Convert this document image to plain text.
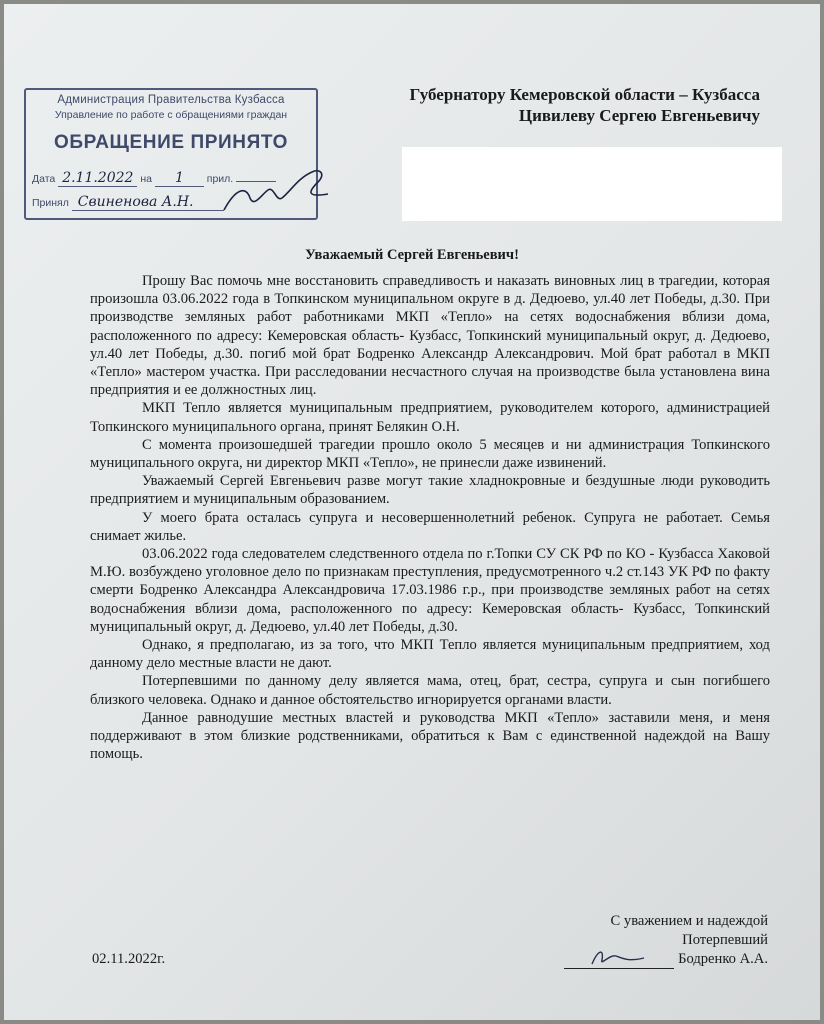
Администрация Правительства Кузбасса
Управление по работе с обращениями граждан
ОБРАЩЕНИЕ ПРИНЯТО
Дата 2.11.2022 на 1 прил.
Принял Свиненова А.Н.
Губернатору Кемеровской области – Кузбасса
Цивилеву Сергею Евгеньевичу
Уважаемый Сергей Евгеньевич!

Прошу Вас помочь мне восстановить справедливость и наказать виновных лиц в трагедии, которая произошла 03.06.2022 года в Топкинском муниципальном округе в д. Дедюево, ул.40 лет Победы, д.30. При производстве земляных работ работниками МКП «Тепло» на сетях водоснабжения вблизи дома, расположенного по адресу: Кемеровская область- Кузбасс, Топкинский муниципальный округ, д. Дедюево, ул.40 лет Победы, д.30. погиб мой брат Бодренко Александр Александрович. Мой брат работал в МКП «Тепло» мастером участка. При расследовании несчастного случая на производстве была установлена вина предприятия и ее должностных лиц.

МКП Тепло является муниципальным предприятием, руководителем которого, администрацией Топкинского муниципального органа, принят Белякин О.Н.

С момента произошедшей трагедии прошло около 5 месяцев и ни администрация Топкинского муниципального округа, ни директор МКП «Тепло», не принесли даже извинений.

Уважаемый Сергей Евгеньевич разве могут такие хладнокровные и бездушные люди руководить предприятием и муниципальным образованием.

У моего брата осталась супруга и несовершеннолетний ребенок. Супруга не работает. Семья снимает жилье.

03.06.2022 года следователем следственного отдела по г.Топки СУ СК РФ по КО - Кузбасса Хаковой М.Ю. возбуждено уголовное дело по признакам преступления, предусмотренного ч.2 ст.143 УК РФ по факту смерти Бодренко Александра Александровича 17.03.1986 г.р., при производстве земляных работ на сетях водоснабжения вблизи дома, расположенного по адресу: Кемеровская область- Кузбасс, Топкинский муниципальный округ, д. Дедюево, ул.40 лет Победы, д.30.

Однако, я предполагаю, из за того, что МКП Тепло является муниципальным предприятием, ход данному дело местные власти не дают.

Потерпевшими по данному делу является мама, отец, брат, сестра, супруга и сын погибшего близкого человека. Однако и данное обстоятельство игнорируется органами власти.

Данное равнодушие местных властей и руководства МКП «Тепло» заставили меня, и меня поддерживают в этом близкие родственниками, обратиться к Вам с единственной надеждой на Вашу помощь.

С уважением и надеждой
Потерпевший
Бодренко А.А.
02.11.2022г.
